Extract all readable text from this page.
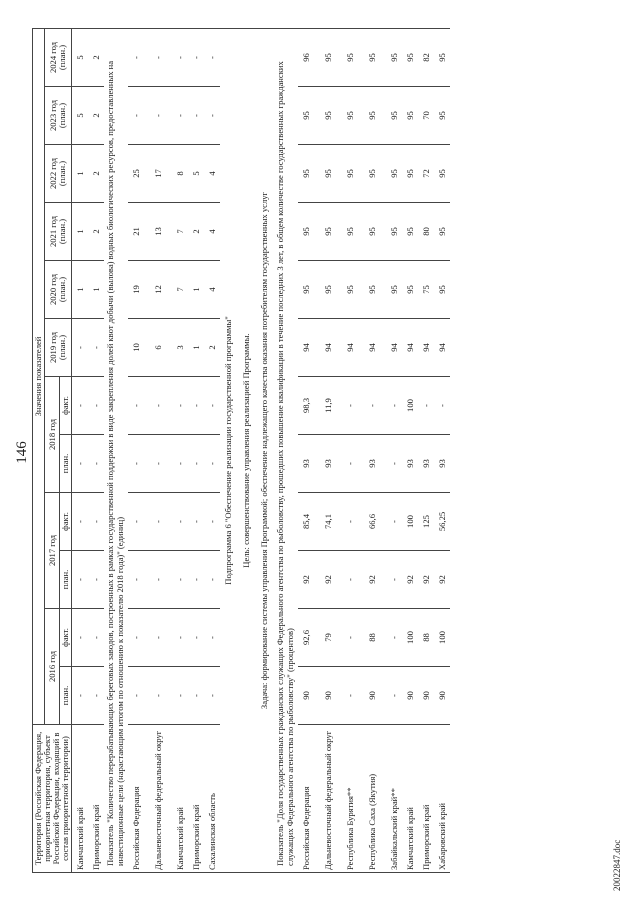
146
Территория (Российская Федерация, приоритетная территория, субъект Российской Федерации, входящий в состав приоритетной территории)	Значения показателей											
	2016 год		2017 год		2018 год		2019 год (план.)	2020 год (план.)	2021 год (план.)	2022 год (план.)	2023 год (план.)	2024 год (план.)
	план.	факт.	план.	факт.	план.	факт.						
Камчатский край	-	-	-	-	-	-	-	1	1	1	5	5
Приморский край	-	-	-	-	-	-	-	1	2	2	2	2
Показатель "Количество перерабатывающих береговых заводов, построенных в рамках государственной поддержки в виде закрепления долей квот добычи (вылова) водных биологических ресурсов, предоставленных на инвестиционные цели (нарастающим итогом по отношению к показателю 2018 года)" (единиц)												
Российская Федерация	-	-	-	-	-	-	10	19	21	25	-	-
Дальневосточный федеральный округ	-	-	-	-	-	-	6	12	13	17	-	-
Камчатский край	-	-	-	-	-	-	3	7	7	8	-	-
Приморский край	-	-	-	-	-	-	1	1	2	5	-	-
Сахалинская область	-	-	-	-	-	-	2	4	4	4	-	-
Подпрограмма 6 "Обеспечение реализации государственной программы"												
Цель: совершенствование управления реализацией Программы.												
Задача: формирование системы управления Программой; обеспечение надлежащего качества оказания потребителям государственных услуг												
Показатель "Доля государственных гражданских служащих Федерального агентства по рыболовству, прошедших повышение квалификации в течение последних 3 лет, в общем количестве государственных гражданских служащих Федерального агентства по рыболовству" (процентов)												
Российская Федерация	90	92,6	92	85,4	93	98,3	94	95	95	95	95	96
Дальневосточный федеральный округ	90	79	92	74,1	93	11,9	94	95	95	95	95	95
Республика Бурятия**	-	-	-	-	-	-	94	95	95	95	95	95
Республика Саха (Якутия)	90	88	92	66,6	93	-	94	95	95	95	95	95
Забайкальский край**	-	-	-	-	-	-	94	95	95	95	95	95
Камчатский край	90	100	92	100	93	100	94	95	95	95	95	95
Приморский край	90	88	92	125	93	-	94	75	80	72	70	82
Хабаровский край	90	100	92	56,25	93	-	94	95	95	95	95	95
20022847.doc
